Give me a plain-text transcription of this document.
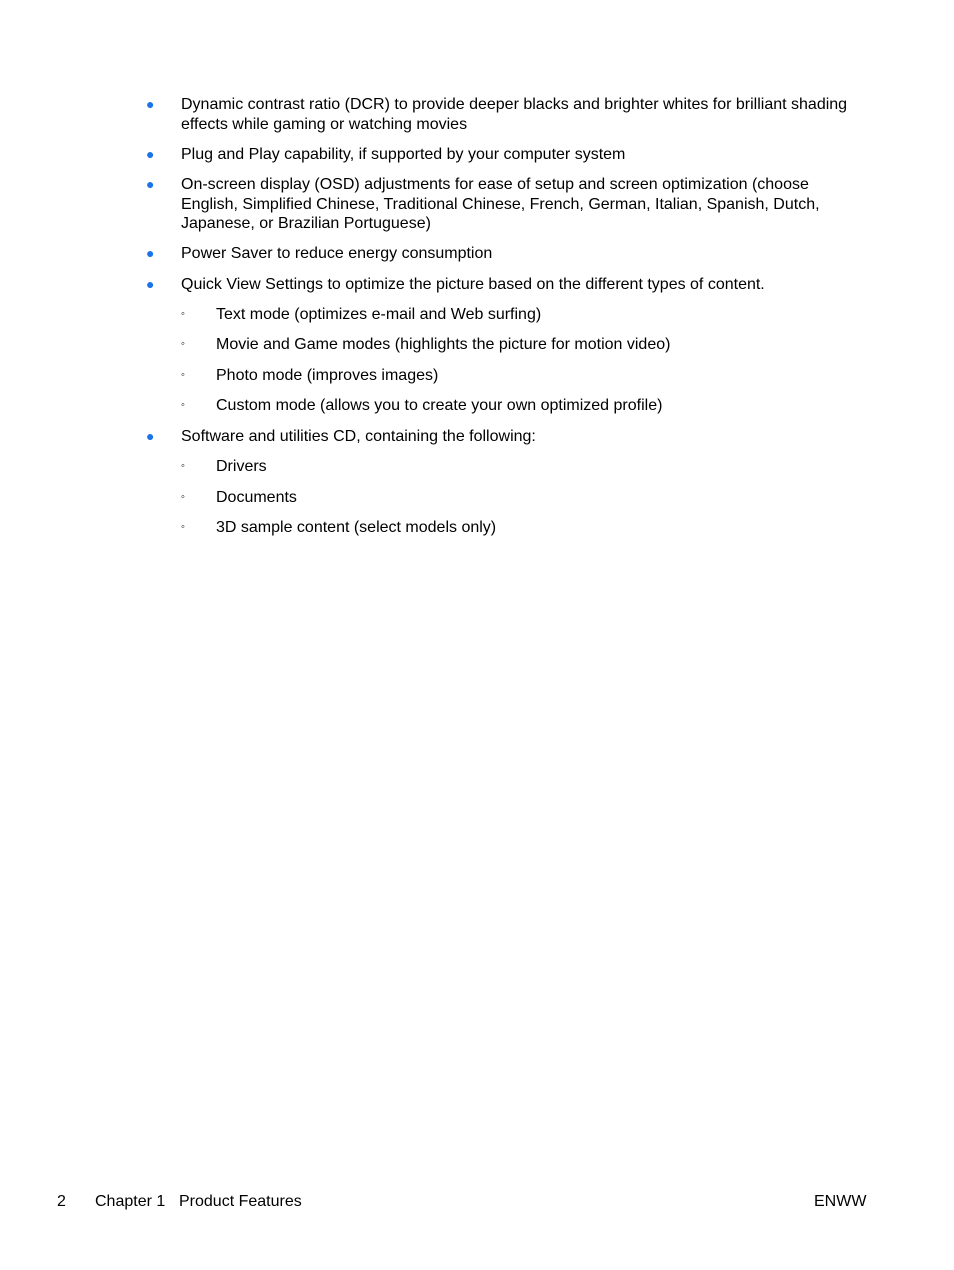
● Dynamic contrast ratio (DCR) to provide deeper blacks and brighter whites for brilliant shading effects while gaming or watching movies
● Plug and Play capability, if supported by your computer system
● On-screen display (OSD) adjustments for ease of setup and screen optimization (choose English, Simplified Chinese, Traditional Chinese, French, German, Italian, Spanish, Dutch, Japanese, or Brazilian Portuguese)
● Power Saver to reduce energy consumption
● Quick View Settings to optimize the picture based on the different types of content.
◦ Text mode (optimizes e-mail and Web surfing)
◦ Movie and Game modes (highlights the picture for motion video)
◦ Photo mode (improves images)
◦ Custom mode (allows you to create your own optimized profile)
● Software and utilities CD, containing the following:
◦ Drivers
◦ Documents
◦ 3D sample content (select models only)
2 Chapter 1 Product Features	ENWW
